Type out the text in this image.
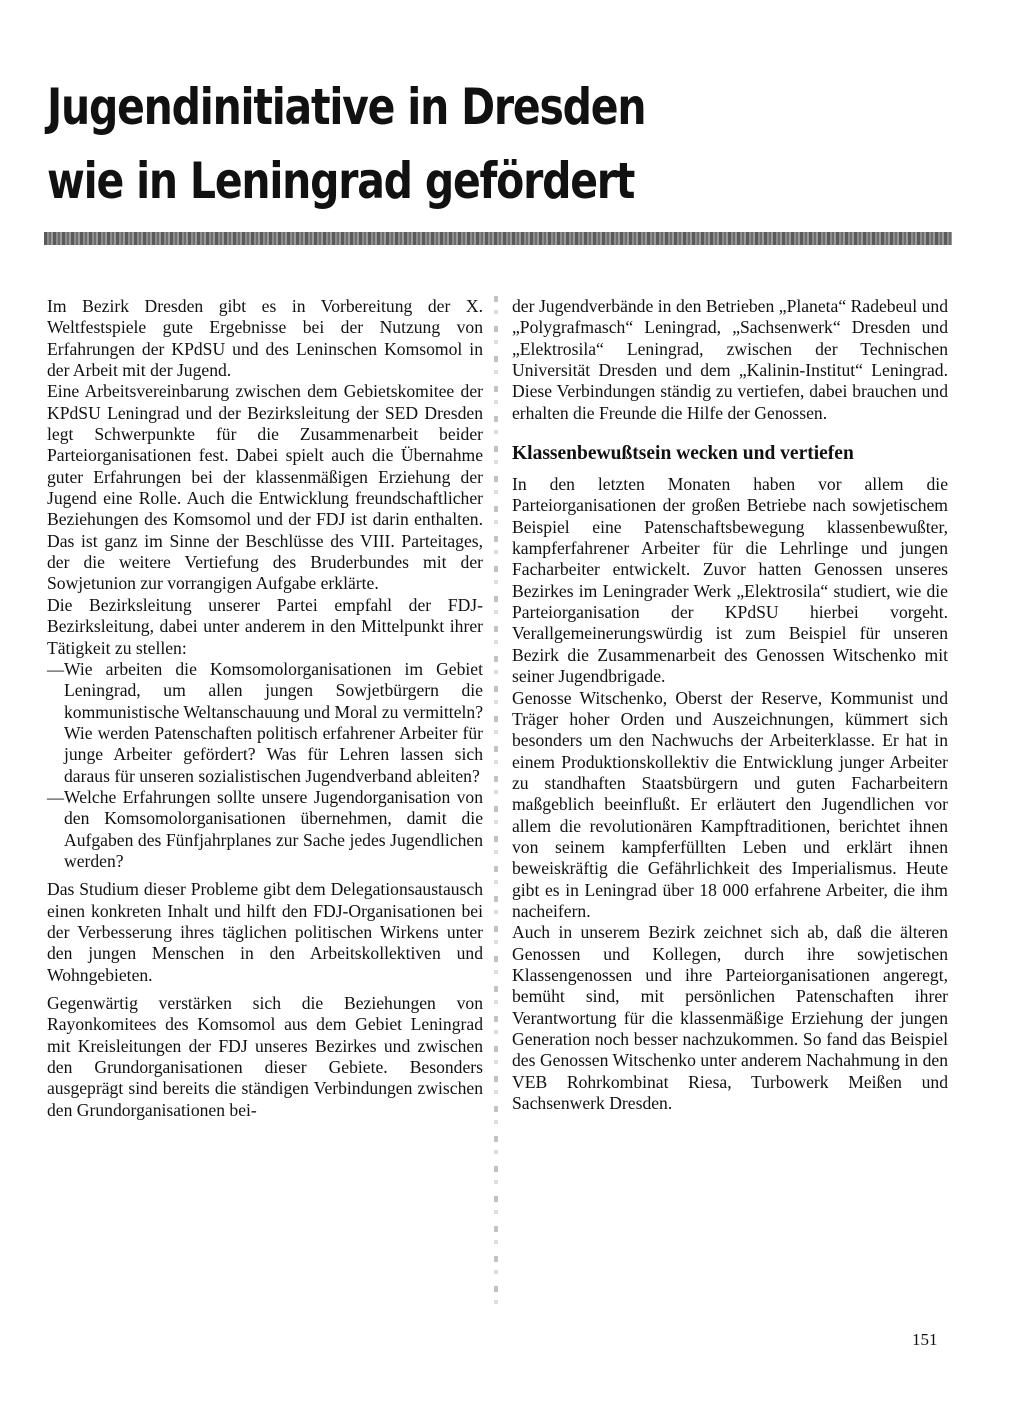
Jugendinitiative in Dresden
wie in Leningrad gefördert

Im Bezirk Dresden gibt es in Vorbereitung der X. Weltfestspiele gute Ergebnisse bei der Nutzung von Erfahrungen der KPdSU und des Leninschen Komsomol in der Arbeit mit der Jugend.

Eine Arbeitsvereinbarung zwischen dem Gebietskomitee der KPdSU Leningrad und der Bezirksleitung der SED Dresden legt Schwerpunkte für die Zusammenarbeit beider Parteiorganisationen fest. Dabei spielt auch die Übernahme guter Erfahrungen bei der klassenmäßigen Erziehung der Jugend eine Rolle. Auch die Entwicklung freundschaftlicher Beziehungen des Komsomol und der FDJ ist darin enthalten. Das ist ganz im Sinne der Beschlüsse des VIII. Parteitages, der die weitere Vertiefung des Bruderbundes mit der Sowjetunion zur vorrangigen Aufgabe erklärte.

Die Bezirksleitung unserer Partei empfahl der FDJ-Bezirksleitung, dabei unter anderem in den Mittelpunkt ihrer Tätigkeit zu stellen:

— Wie arbeiten die Komsomolorganisationen im Gebiet Leningrad, um allen jungen Sowjetbürgern die kommunistische Weltanschauung und Moral zu vermitteln? Wie werden Patenschaften politisch erfahrener Arbeiter für junge Arbeiter gefördert? Was für Lehren lassen sich daraus für unseren sozialistischen Jugendverband ableiten?
— Welche Erfahrungen sollte unsere Jugendorganisation von den Komsomolorganisationen übernehmen, damit die Aufgaben des Fünfjahrplanes zur Sache jedes Jugendlichen werden?

Das Studium dieser Probleme gibt dem Delegationsaustausch einen konkreten Inhalt und hilft den FDJ-Organisationen bei der Verbesserung ihres täglichen politischen Wirkens unter den jungen Menschen in den Arbeitskollektiven und Wohngebieten.

Gegenwärtig verstärken sich die Beziehungen von Rayonkomitees des Komsomol aus dem Gebiet Leningrad mit Kreisleitungen der FDJ unseres Bezirkes und zwischen den Grundorganisationen dieser Gebiete. Besonders ausgeprägt sind bereits die ständigen Verbindungen zwischen den Grundorganisationen bei-

der Jugendverbände in den Betrieben „Planeta“ Radebeul und „Polygrafmasch“ Leningrad, „Sachsenwerk“ Dresden und „Elektrosila“ Leningrad, zwischen der Technischen Universität Dresden und dem „Kalinin-Institut“ Leningrad. Diese Verbindungen ständig zu vertiefen, dabei brauchen und erhalten die Freunde die Hilfe der Genossen.

Klassenbewußtsein wecken und vertiefen

In den letzten Monaten haben vor allem die Parteiorganisationen der großen Betriebe nach sowjetischem Beispiel eine Patenschaftsbewegung klassenbewußter, kampferfahrener Arbeiter für die Lehrlinge und jungen Facharbeiter entwickelt. Zuvor hatten Genossen unseres Bezirkes im Leningrader Werk „Elektrosila“ studiert, wie die Parteiorganisation der KPdSU hierbei vorgeht. Verallgemeinerungswürdig ist zum Beispiel für unseren Bezirk die Zusammenarbeit des Genossen Witschenko mit seiner Jugendbrigade.

Genosse Witschenko, Oberst der Reserve, Kommunist und Träger hoher Orden und Auszeichnungen, kümmert sich besonders um den Nachwuchs der Arbeiterklasse. Er hat in einem Produktionskollektiv die Entwicklung junger Arbeiter zu standhaften Staatsbürgern und guten Facharbeitern maßgeblich beeinflußt. Er erläutert den Jugendlichen vor allem die revolutionären Kampftraditionen, berichtet ihnen von seinem kampferfüllten Leben und erklärt ihnen beweiskräftig die Gefährlichkeit des Imperialismus. Heute gibt es in Leningrad über 18 000 erfahrene Arbeiter, die ihm nacheifern.

Auch in unserem Bezirk zeichnet sich ab, daß die älteren Genossen und Kollegen, durch ihre sowjetischen Klassengenossen und ihre Parteiorganisationen angeregt, bemüht sind, mit persönlichen Patenschaften ihrer Verantwortung für die klassenmäßige Erziehung der jungen Generation noch besser nachzukommen. So fand das Beispiel des Genossen Witschenko unter anderem Nachahmung in den VEB Rohrkombinat Riesa, Turbowerk Meißen und Sachsenwerk Dresden.

151
